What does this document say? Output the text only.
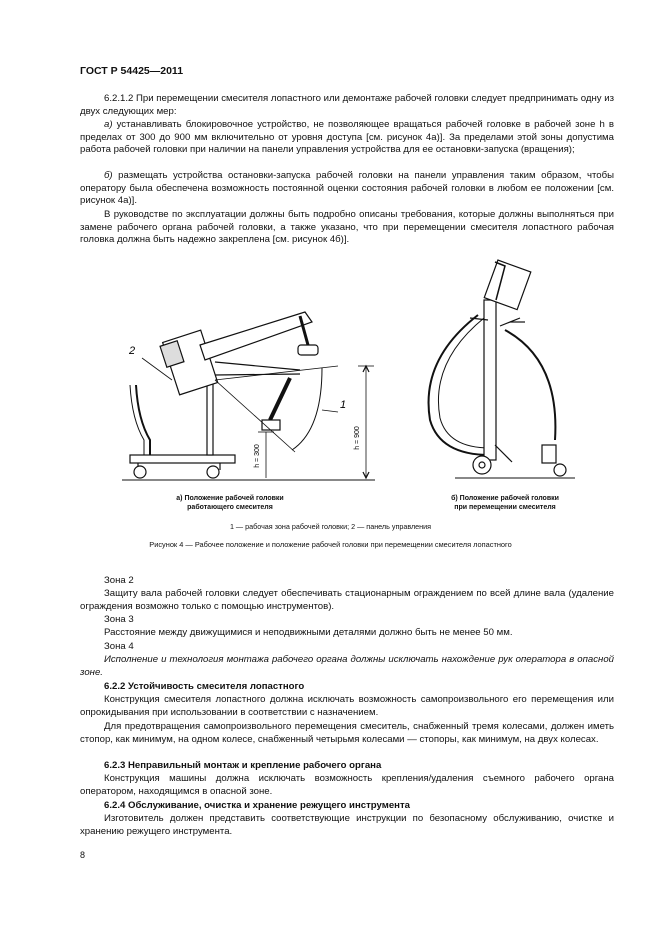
ГОСТ Р 54425—2011
6.2.1.2 При перемещении смесителя лопастного или демонтаже рабочей головки следует предпринимать одну из двух следующих мер:
а) устанавливать блокировочное устройство, не позволяющее вращаться рабочей головке в рабочей зоне h в пределах от 300 до 900 мм включительно от уровня доступа [см. рисунок 4а)]. За пределами этой зоны допустима работа рабочей головки при наличии на панели управления устройства для ее остановки-запуска (вращения);
б) размещать устройства остановки-запуска рабочей головки на панели управления таким образом, чтобы оператору была обеспечена возможность постоянной оценки состояния рабочей головки в любом ее положении [см. рисунок 4а)].
В руководстве по эксплуатации должны быть подробно описаны требования, которые должны выполняться при замене рабочего органа рабочей головки, а также указано, что при перемещении смесителя лопастного рабочая головка должна быть надежно закреплена [см. рисунок 4б)].
2
1
h = 900
h = 300
а) Положение рабочей головки
работающего смесителя
б) Положение рабочей головки
при перемещении смесителя
1 — рабочая зона рабочей головки; 2 — панель управления
Рисунок 4 — Рабочее положение и положение рабочей головки при перемещении смесителя лопастного
Зона 2
Защиту вала рабочей головки следует обеспечивать стационарным ограждением по всей длине вала (удаление ограждения возможно только с помощью инструментов).
Зона 3
Расстояние между движущимися и неподвижными деталями должно быть не менее 50 мм.
Зона 4
Исполнение и технология монтажа рабочего органа должны исключать нахождение рук оператора в опасной зоне.
6.2.2 Устойчивость смесителя лопастного
Конструкция смесителя лопастного должна исключать возможность самопроизвольного его перемещения или опрокидывания при использовании в соответствии с назначением.
Для предотвращения самопроизвольного перемещения смеситель, снабженный тремя колесами, должен иметь стопор, как минимум, на одном колесе, снабженный четырьмя колесами — стопоры, как минимум, на двух колесах.
6.2.3 Неправильный монтаж и крепление рабочего органа
Конструкция машины должна исключать возможность крепления/удаления съемного рабочего органа оператором, находящимся в опасной зоне.
6.2.4 Обслуживание, очистка и хранение режущего инструмента
Изготовитель должен представить соответствующие инструкции по безопасному обслуживанию, очистке и хранению режущего инструмента.
8
